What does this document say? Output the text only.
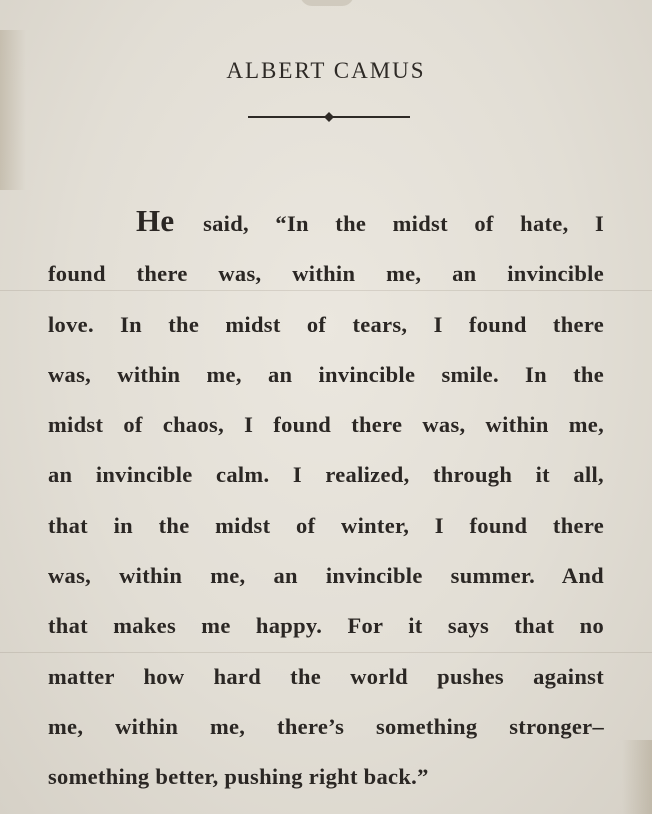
ALBERT CAMUS

He said, “In the midst of hate, I
found there was, within me, an invincible
love. In the midst of tears, I found there
was, within me, an invincible smile. In the
midst of chaos, I found there was, within me,
an invincible calm. I realized, through it all,
that in the midst of winter, I found there
was, within me, an invincible summer. And
that makes me happy. For it says that no
matter how hard the world pushes against
me, within me, there’s something stronger–
something better, pushing right back.”
